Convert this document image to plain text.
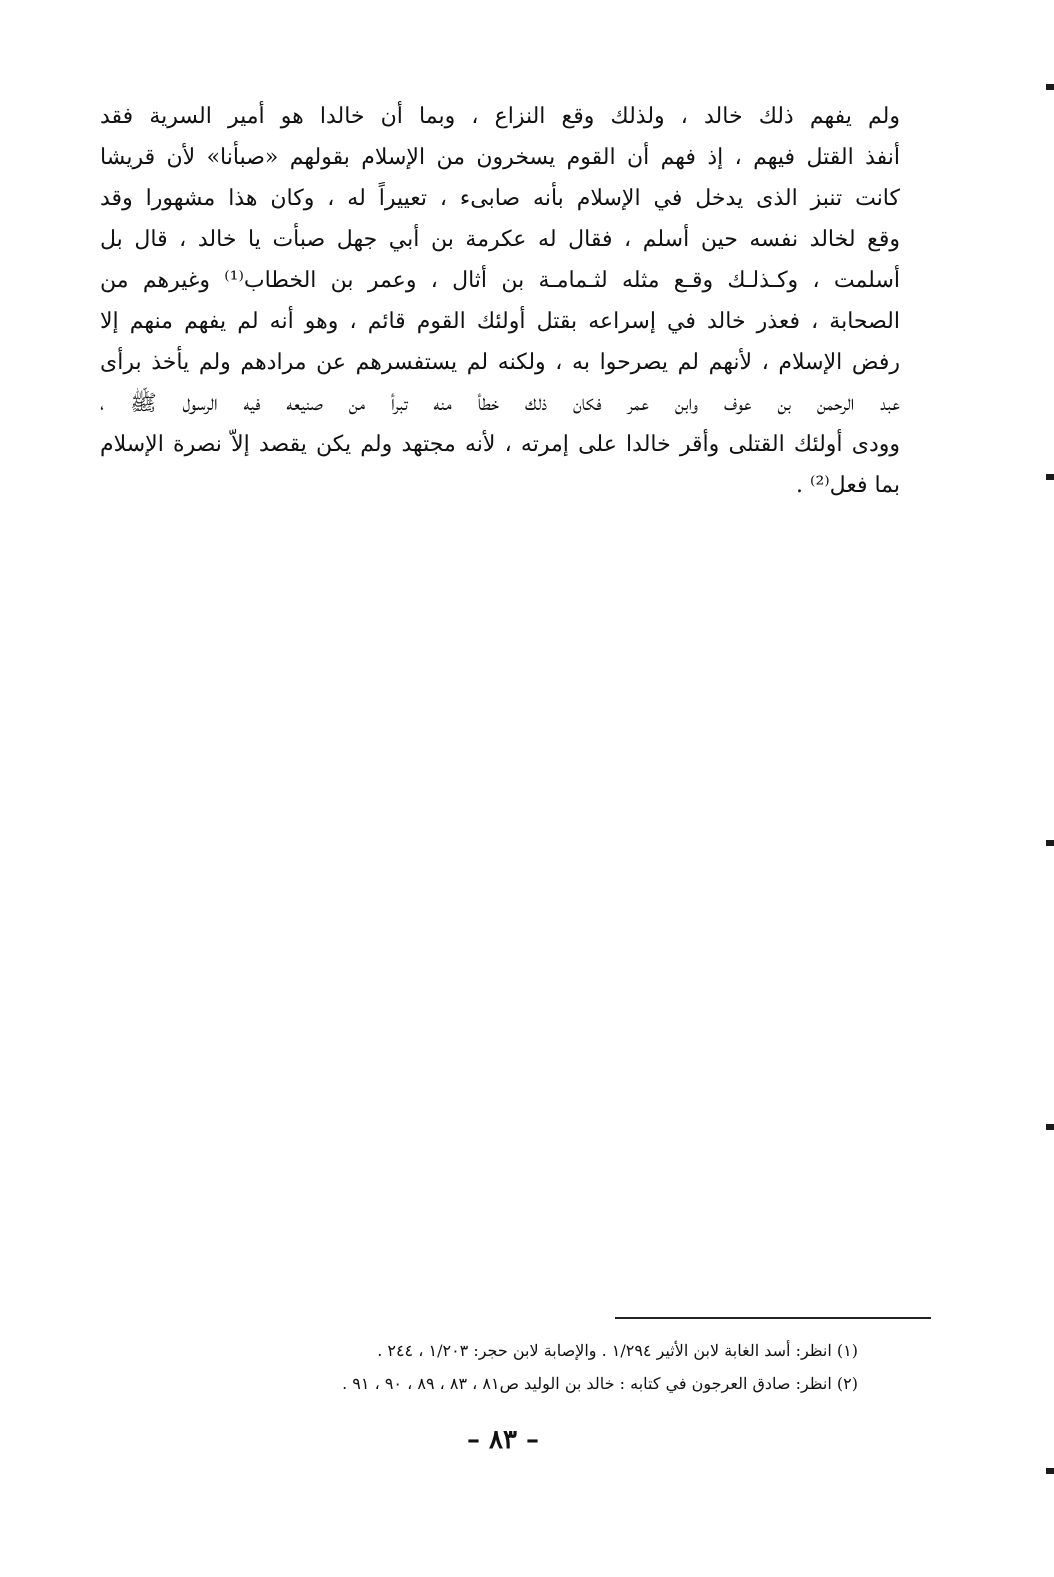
ولم يفهم ذلك خالد ، ولذلك وقع النزاع ، وبما أن خالدا هو أمير السرية فقد
أنفذ القتل فيهم ، إذ فهم أن القوم يسخرون من الإسلام بقولهم «صبأنا» لأن قريشا
كانت تنبز الذى يدخل في الإسلام بأنه صابىء ، تعييراً له ، وكان هذا مشهورا وقد
وقع لخالد نفسه حين أسلم ، فقال له عكرمة بن أبي جهل صبأت يا خالد ، قال بل
أسلمت ، وكـذلـك وقـع مثله لثـمامـة بن أثال ، وعمر بن الخطاب⁽¹⁾ وغيرهم من
الصحابة ، فعذر خالد في إسراعه بقتل أولئك القوم قائم ، وهو أنه لم يفهم منهم إلا
رفض الإسلام ، لأنهم لم يصرحوا به ، ولكنه لم يستفسرهم عن مرادهم ولم يأخذ برأى
عبد الرحمن بن عوف وابن عمر فكان ذلك خطأ منه تبرأ من صنيعه فيه الرسول ﷺ ،
وودى أولئك القتلى وأقر خالدا على إمرته ، لأنه مجتهد ولم يكن يقصد إلاّ نصرة الإسلام
بما فعل⁽²⁾ .
(١) انظر: أسد الغابة لابن الأثير ١/٢٩٤ . والإصابة لابن حجر: ١/٢٠٣ ، ٢٤٤ .
(٢) انظر: صادق العرجون في كتابه : خالد بن الوليد ص٨١ ، ٨٣ ، ٨٩ ، ٩٠ ، ٩١ .
– ٨٣ –
